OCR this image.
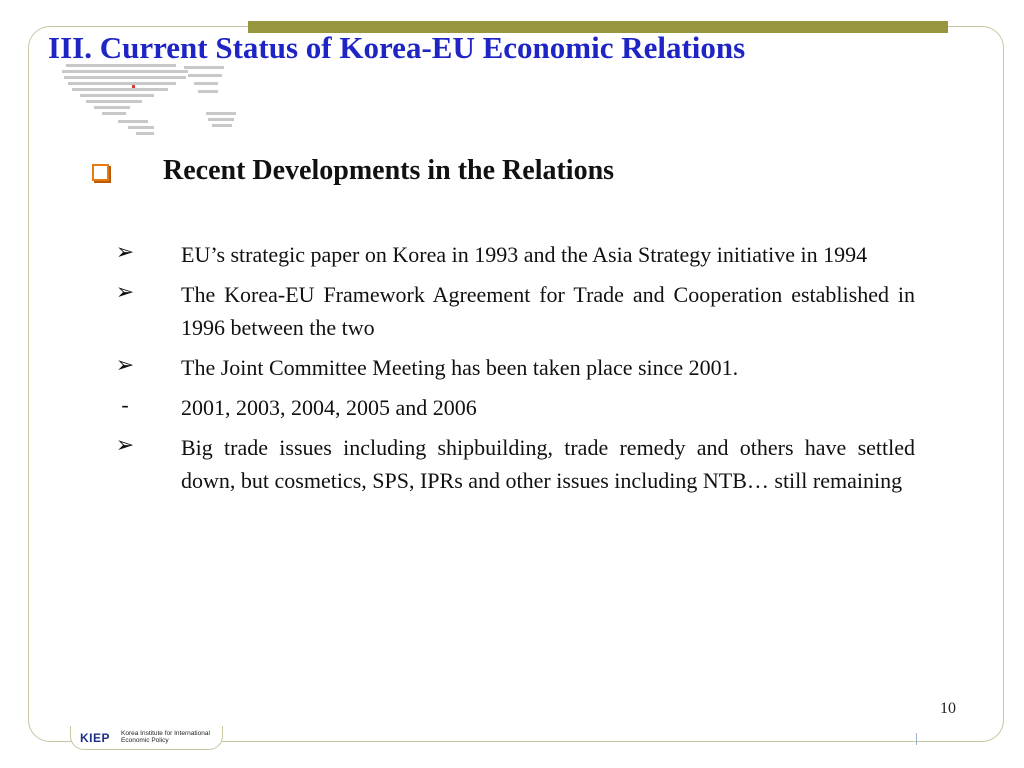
III. Current Status of Korea-EU Economic Relations
Recent Developments in the Relations
➢ EU’s strategic paper on Korea in 1993 and the Asia Strategy initiative in 1994
➢ The Korea-EU Framework Agreement for Trade and Cooperation established in 1996 between the two
➢ The Joint Committee Meeting has been taken place since 2001.
-	2001, 2003, 2004, 2005 and 2006
➢ Big trade issues including shipbuilding, trade remedy and others have settled down, but cosmetics, SPS, IPRs and other issues including NTB… still remaining
10
KIEP Korea Institute for International Economic Policy
